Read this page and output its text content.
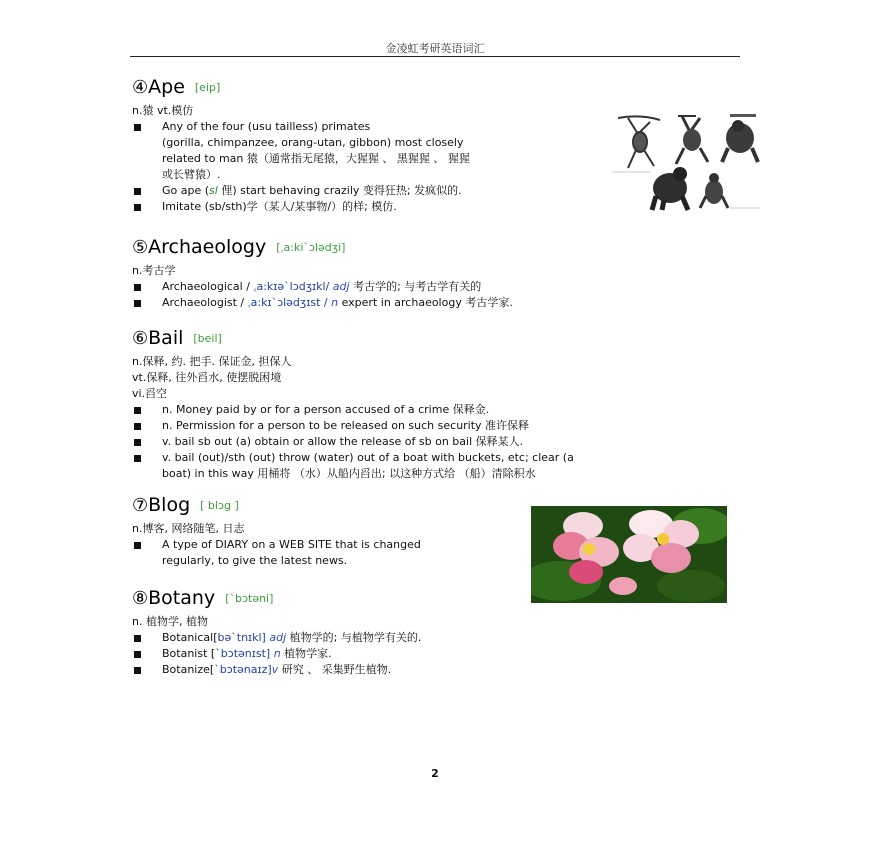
金凌虹考研英语词汇
④Ape [eip]
n.猿 vt.模仿
Any of the four (usu tailless) primates
(gorilla, chimpanzee, orang-utan, gibbon) most closely
related to man 猿（通常指无尾猿，大猩猩 、 黑猩猩 、 猩猩
或长臂猿）.
Go ape (sl 俚) start behaving crazily 变得狂热; 发疯似的.
Imitate (sb/sth)学（某人/某事物/）的样; 模仿.
⑤Archaeology [ˌa:ki`ɔlədʒi]
n.考古学
Archaeological / ˌa:kɪə`lɔdʒɪkl/ adj 考古学的; 与考古学有关的
Archaeologist / ˌa:kɪ`ɔlədʒɪst / n expert in archaeology 考古学家.
⑥Bail [beil]
n.保释, 约. 把手. 保证金, 担保人
vt.保释, 往外舀水, 使摆脱困境
vi.舀空
n. Money paid by or for a person accused of a crime 保释金.
n. Permission for a person to be released on such security 准许保释
v. bail sb out (a) obtain or allow the release of sb on bail 保释某人.
v. bail (out)/sth (out) throw (water) out of a boat with buckets, etc; clear (a
boat) in this way 用桶将 （水）从船内舀出; 以这种方式给 （船）清除积水
⑦Blog [ blɔg ]
n.博客, 网络随笔, 日志
A type of DIARY on a WEB SITE that is changed
regularly, to give the latest news.
⑧Botany [`bɔtəni]
n. 植物学, 植物
Botanical[bə`tnɪkl] adj 植物学的; 与植物学有关的.
Botanist [`bɔtənɪst] n 植物学家.
Botanize[`bɔtənaɪz]v 研究 、 采集野生植物.
2
